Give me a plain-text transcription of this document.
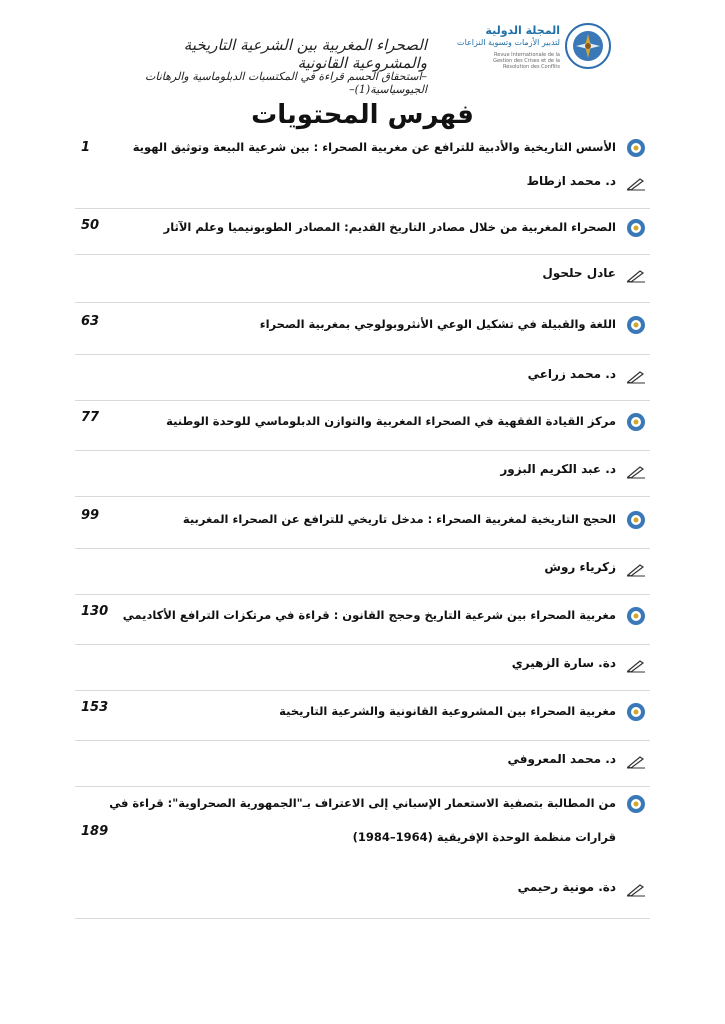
الصحراء المغربية بين الشرعية التاريخية والمشروعية القانونية
–استحقاق الحسم قراءة في المكتسبات الدبلوماسية والرهانات الجيوسياسية(1)–
المجلة الدولية
لتدبير الأزمات وتسوية النزاعات
Revue Internationale de la Gestion des Crises et de la Résolution des Conflits
فهرس المحتويات
الأسس التاريخية والأدبية للترافع عن مغربية الصحراء : بين شرعية البيعة وتوثيق الهوية
1
د. محمد ازطاط
الصحراء المغربية من خلال مصادر التاريخ القديم: المصادر الطوبونيميا وعلم الآثار
50
عادل حلحول
اللغة والقبيلة في تشكيل الوعي الأنثروبولوجي بمغربية الصحراء
63
د. محمد زراعي
مركز القيادة الفقهية في الصحراء المغربية والتوازن الدبلوماسي للوحدة الوطنية
77
د. عبد الكريم البزور
الحجج التاريخية لمغربية الصحراء : مدخل تاريخي للترافع عن الصحراء المغربية
99
زكرياء روش
مغربية الصحراء بين شرعية التاريخ وحجج القانون : قراءة في مرتكزات الترافع الأكاديمي
130
دة. سارة الزهيري
مغربية الصحراء بين المشروعية القانونية والشرعية التاريخية
153
د. محمد المعروفي
من المطالبة بتصفية الاستعمار الإسباني إلى الاعتراف بـ"الجمهورية الصحراوية": قراءة في قرارات منظمة الوحدة الإفريقية (1964–1984)
189
دة. مونية رحيمي
